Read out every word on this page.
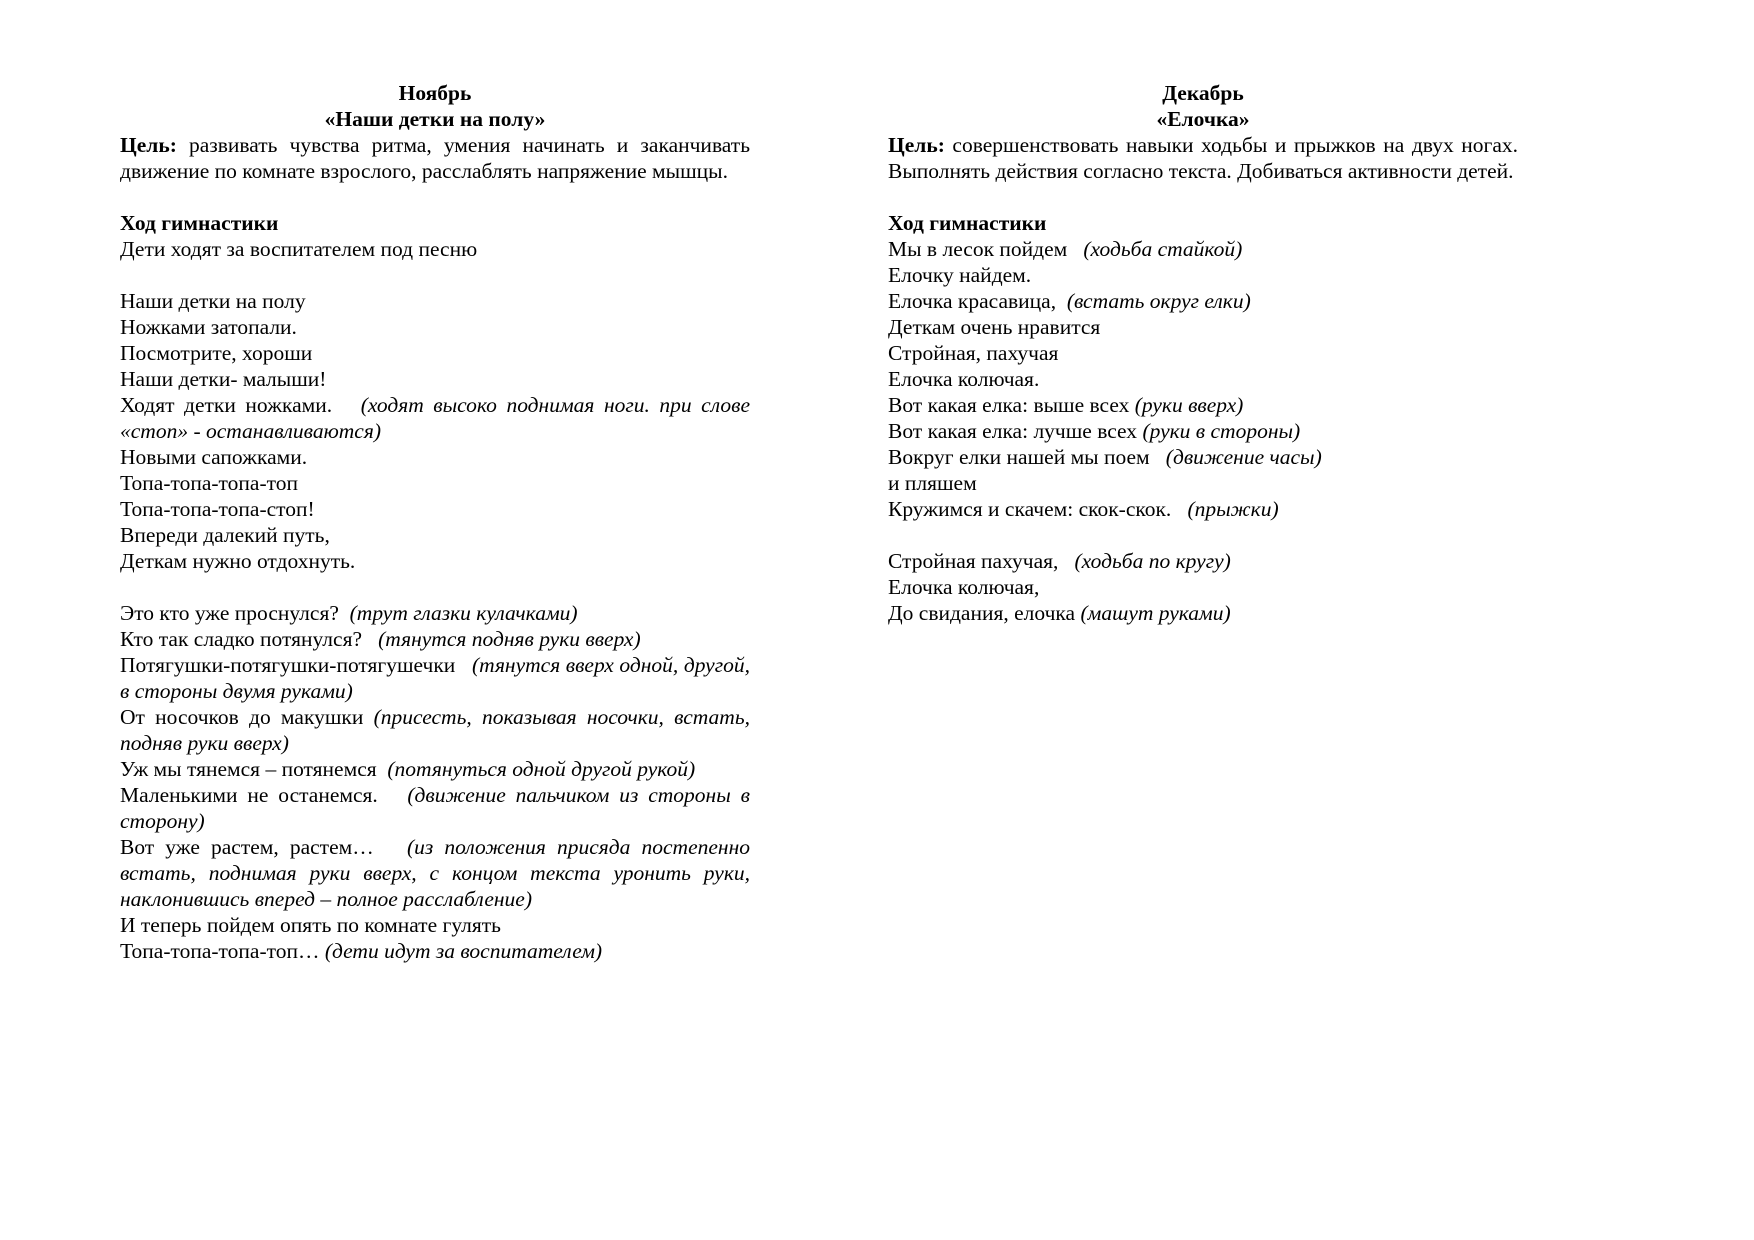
Ноябрь

«Наши детки на полу»

Цель: развивать чувства ритма, умения начинать и заканчивать движение по комнате взрослого, расслаблять напряжение мышцы.

Ход гимнастики

Дети ходят за воспитателем под песню

Наши детки на полу

Ножками затопали.

Посмотрите, хороши

Наши детки- малыши!

Ходят детки ножками.   (ходят высоко поднимая ноги. при слове «стоп» - останавливаются)

Новыми сапожками.

Топа-топа-топа-топ

Топа-топа-топа-стоп!

Впереди далекий путь,

Деткам нужно отдохнуть.

Это кто уже проснулся?  (трут глазки кулачками)

Кто так сладко потянулся?   (тянутся подняв руки вверх)

Потягушки-потягушки-потягушечки   (тянутся вверх одной, другой, в стороны двумя руками)

От носочков до макушки (присесть, показывая носочки, встать, подняв руки вверх)

Уж мы тянемся – потянемся  (потянуться одной другой рукой)

Маленькими не останемся.   (движение пальчиком из стороны в сторону)

Вот уже растем, растем…   (из положения присяда постепенно встать, поднимая руки вверх, с концом текста уронить руки, наклонившись вперед – полное расслабление)

И теперь пойдем опять по комнате гулять

Топа-топа-топа-топ… (дети идут за воспитателем)

Декабрь

«Елочка»

Цель: совершенствовать навыки ходьбы и прыжков на двух ногах. Выполнять действия согласно текста. Добиваться активности детей.

Ход гимнастики

Мы в лесок пойдем   (ходьба стайкой)

Елочку найдем.

Елочка красавица,  (встать округ елки)

Деткам очень нравится

Стройная, пахучая

Елочка колючая.

Вот какая елка: выше всех (руки вверх)

Вот какая елка: лучше всех (руки в стороны)

Вокруг елки нашей мы поем   (движение часы)

и пляшем

Кружимся и скачем: скок-скок.   (прыжки)

Стройная пахучая,   (ходьба по кругу)

Елочка колючая,

До свидания, елочка (машут руками)
